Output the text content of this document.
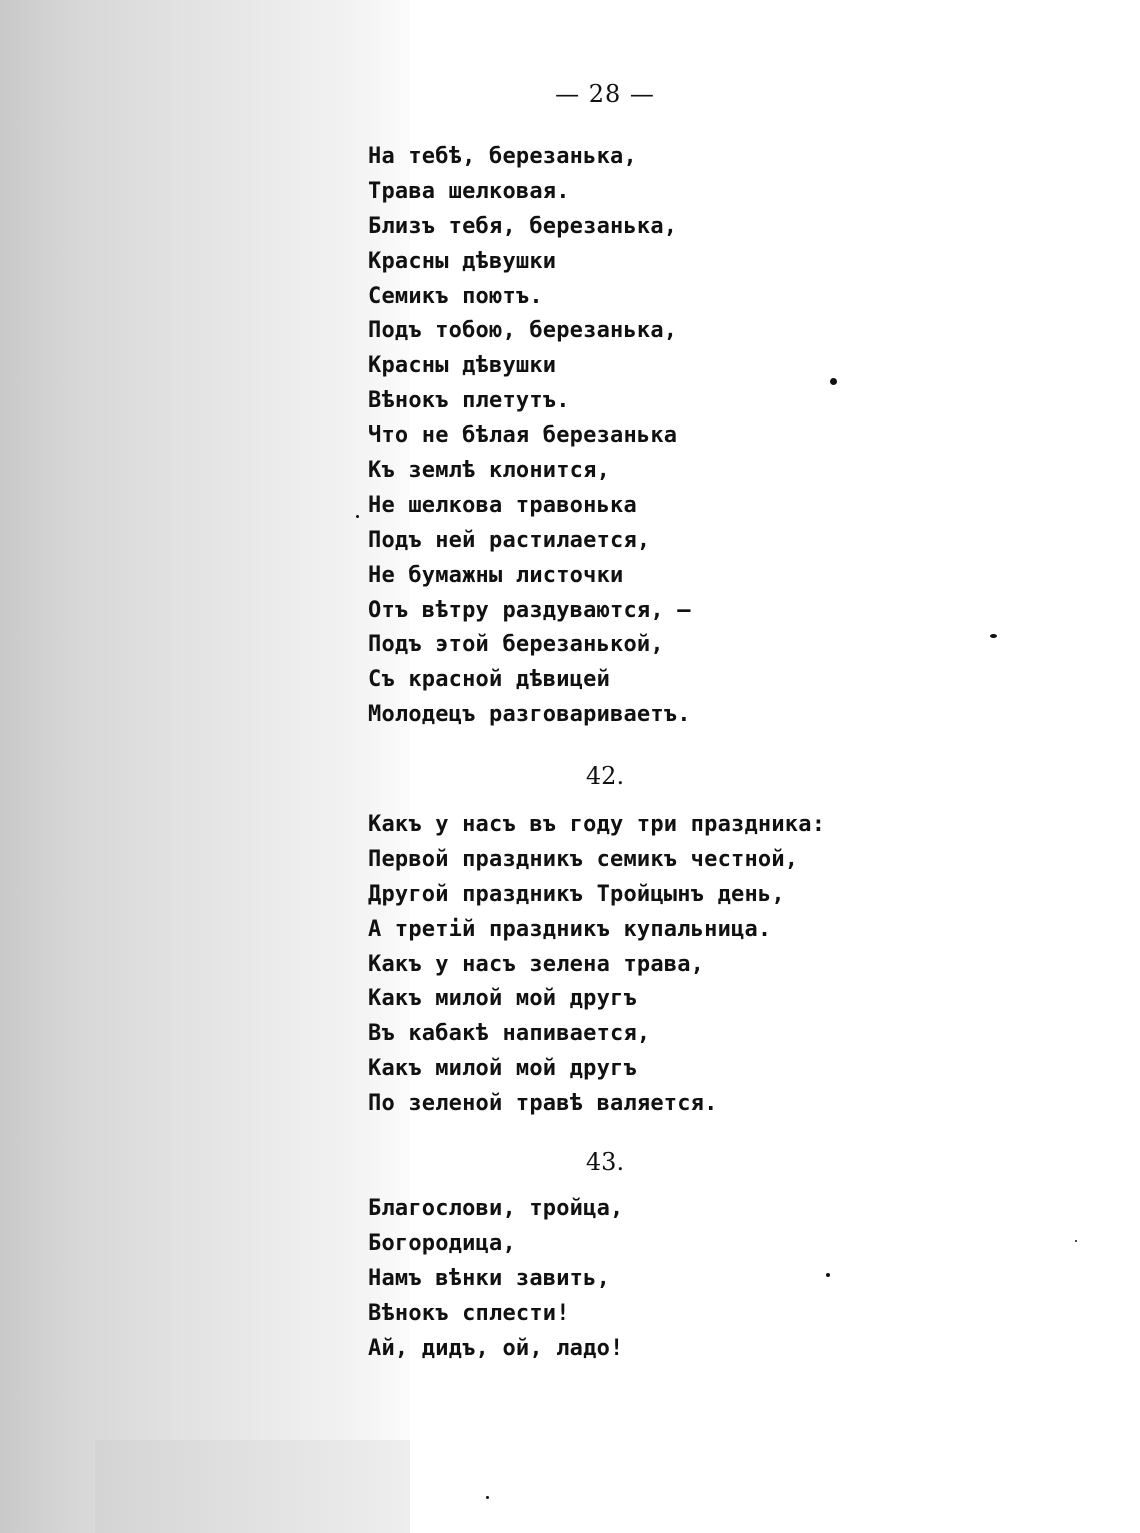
— 28 —
На тебѣ, березанька,
Трава шелковая.
Близъ тебя, березанька,
Красны дѣвушки
Семикъ поютъ.
Подъ тобою, березанька,
Красны дѣвушки
Вѣнокъ плетутъ.
Что не бѣлая березанька
Къ землѣ клонится,
Не шелкова травонька
Подъ ней растилается,
Не бумажны листочки
Отъ вѣтру раздуваются, —
Подъ этой березанькой,
Съ красной дѣвицей
Молодецъ разговариваетъ.
42.
Какъ у насъ въ году три праздника:
Первой праздникъ семикъ честной,
Другой праздникъ Тройцынъ день,
А третій праздникъ купальница.
Какъ у насъ зелена трава,
Какъ милой мой другъ
Въ кабакѣ напивается,
Какъ милой мой другъ
По зеленой травѣ валяется.
43.
Благослови, тройца,
Богородица,
Намъ вѣнки завить,
Вѣнокъ сплести!
Ай, дидъ, ой, ладо!
